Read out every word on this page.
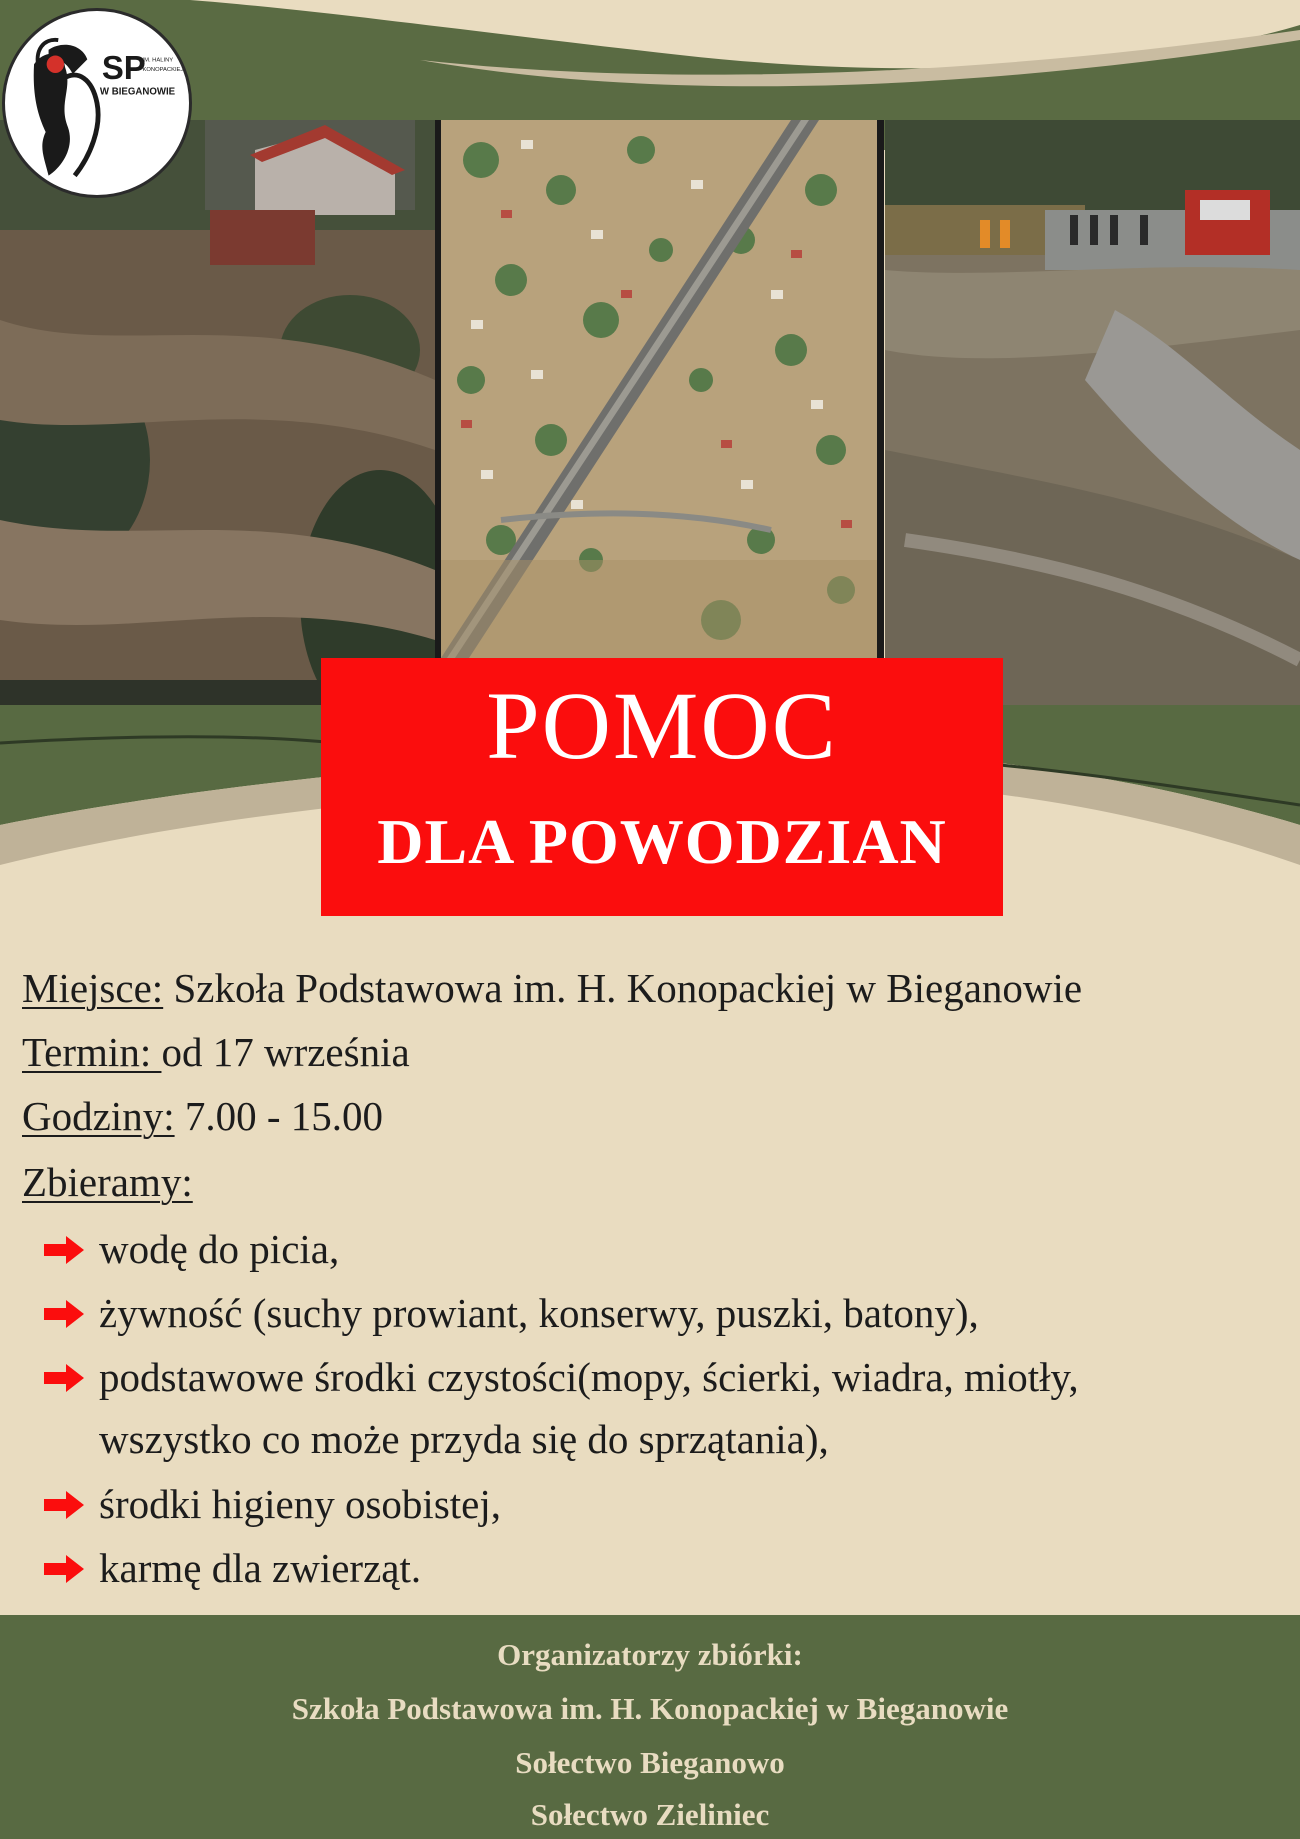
SP
IM. HALINY
KONOPACKIEJ
W BIEGANOWIE
POMOC
DLA POWODZIAN
Miejsce: Szkoła Podstawowa im. H. Konopackiej w Bieganowie
Termin: od 17 września
Godziny: 7.00 - 15.00
Zbieramy:
wodę do picia,
żywność (suchy prowiant, konserwy, puszki, batony),
podstawowe środki czystości(mopy, ścierki, wiadra, miotły,
wszystko co może przyda się do sprzątania),
środki higieny osobistej,
karmę dla zwierząt.
Organizatorzy zbiórki:
Szkoła Podstawowa im. H. Konopackiej w Bieganowie
Sołectwo Bieganowo
Sołectwo Zieliniec
